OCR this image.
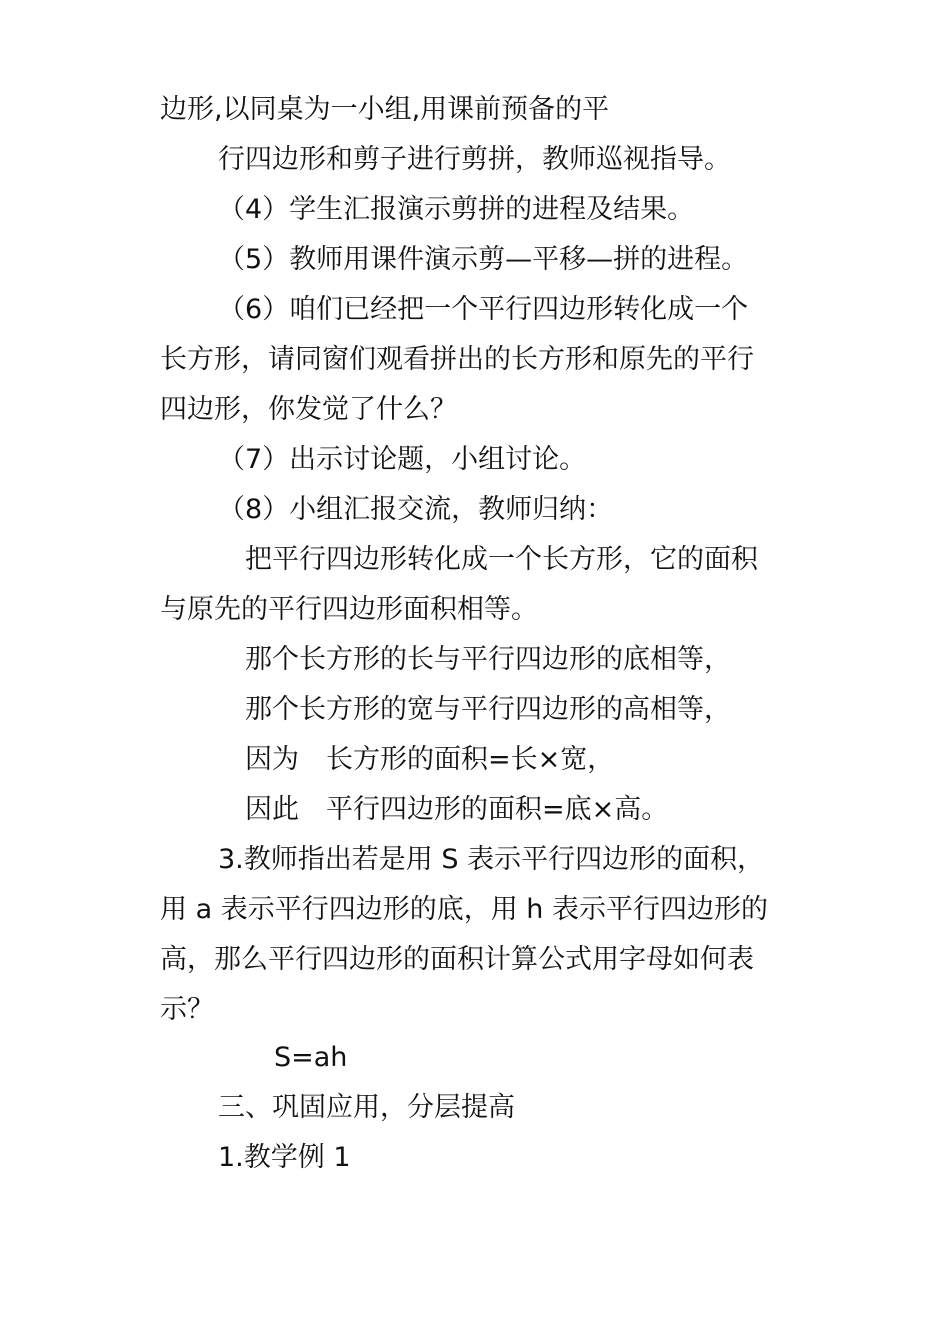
边形,以同桌为一小组,用课前预备的平
行四边形和剪子进行剪拼，教师巡视指导。
（4）学生汇报演示剪拼的进程及结果。
（5）教师用课件演示剪—平移—拼的进程。
（6）咱们已经把一个平行四边形转化成一个
长方形，请同窗们观看拼出的长方形和原先的平行
四边形，你发觉了什么？
（7）出示讨论题，小组讨论。
（8）小组汇报交流，教师归纳：
把平行四边形转化成一个长方形，它的面积
与原先的平行四边形面积相等。
那个长方形的长与平行四边形的底相等，
那个长方形的宽与平行四边形的高相等，
因为　长方形的面积=长×宽，
因此　平行四边形的面积=底×高。
3.教师指出若是用 S 表示平行四边形的面积，
用 a 表示平行四边形的底，用 h 表示平行四边形的
高，那么平行四边形的面积计算公式用字母如何表
示？
S=ah
三、巩固应用，分层提高
1.教学例 1
